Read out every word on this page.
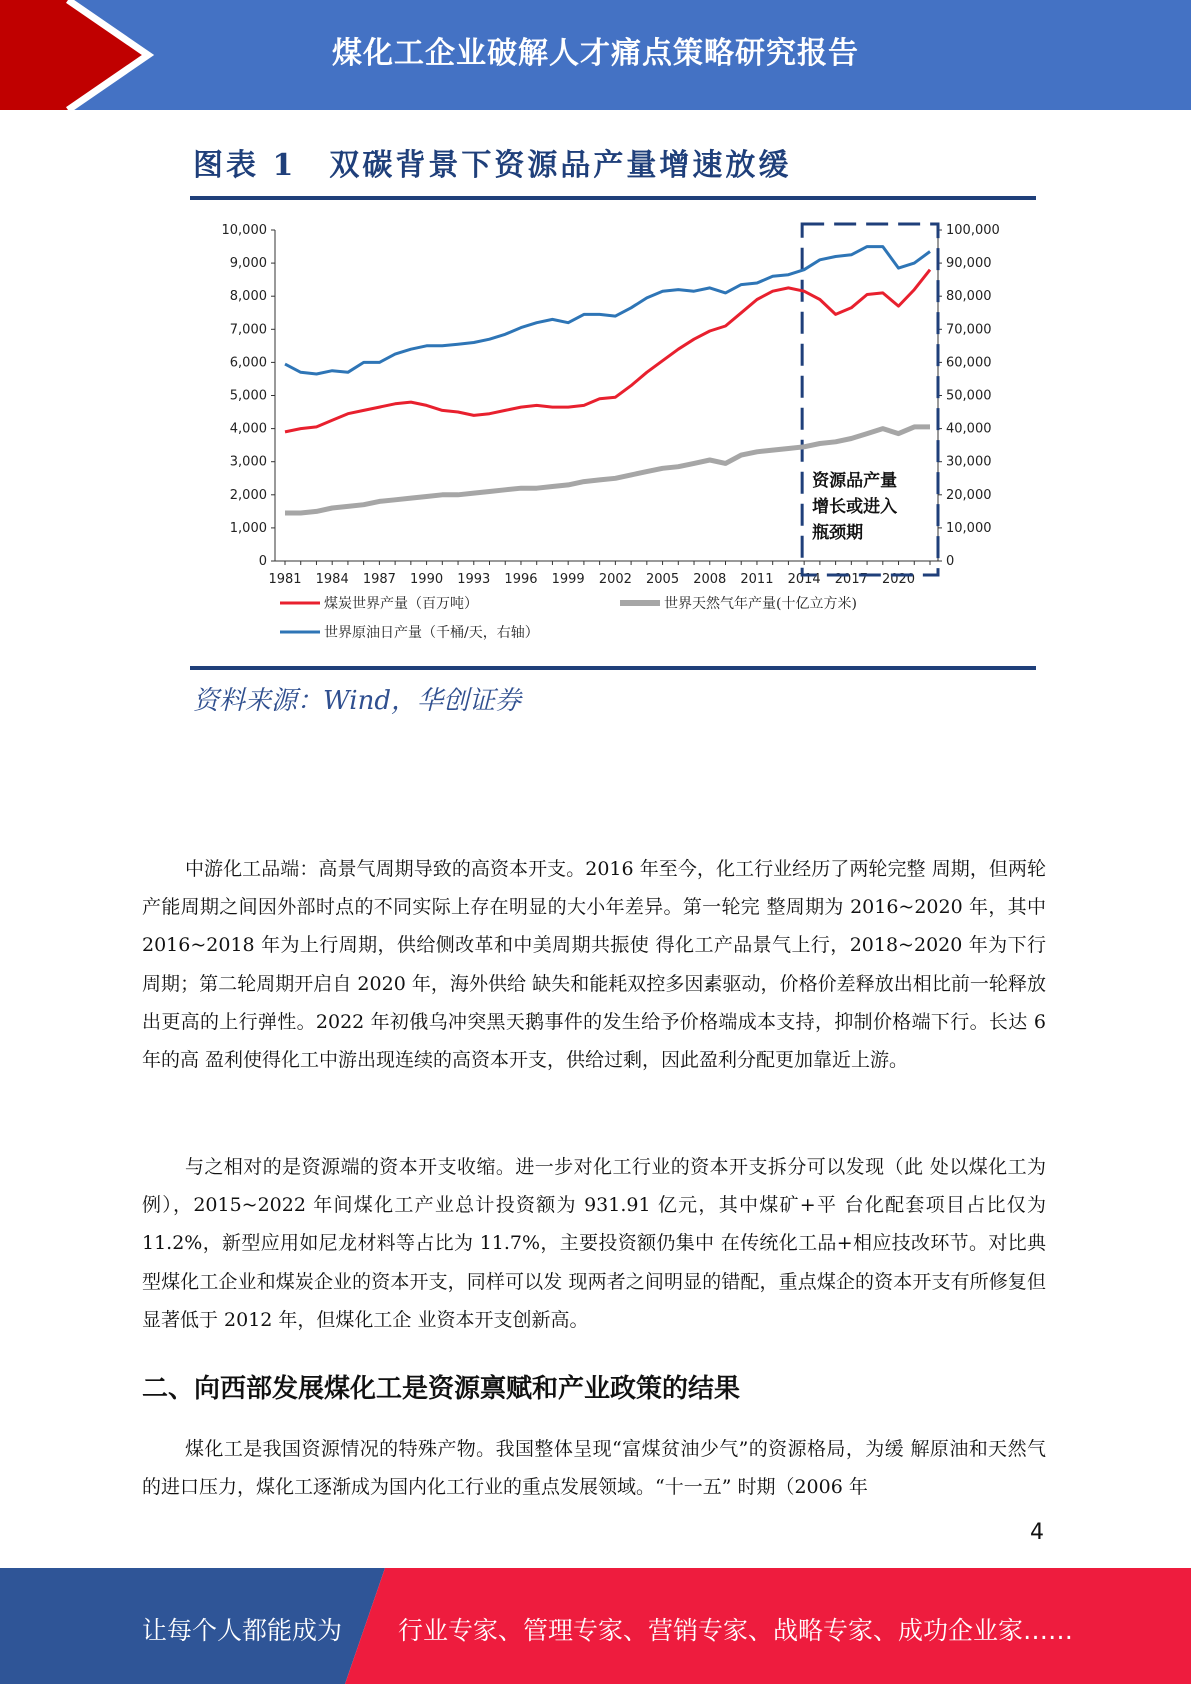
煤化工企业破解人才痛点策略研究报告
图表 1　双碳背景下资源品产量增速放缓
10,000
9,000
8,000
7,000
6,000
5,000
4,000
3,000
2,000
1,000
0
100,000
90,000
80,000
70,000
60,000
50,000
40,000
30,000
20,000
10,000
0
1981 1984 1987 1990 1993 1996 1999 2002 2005 2008 2011 2014 2017 2020
资源品产量
增长或进入
瓶颈期
煤炭世界产量（百万吨）	世界天然气年产量(十亿立方米)
世界原油日产量（千桶/天，右轴）
资料来源：Wind，华创证券

中游化工品端：高景气周期导致的高资本开支。2016 年至今，化工行业经历了两轮完整 周期，但两轮产能周期之间因外部时点的不同实际上存在明显的大小年差异。第一轮完 整周期为 2016~2020 年，其中 2016~2018 年为上行周期，供给侧改革和中美周期共振使 得化工产品景气上行，2018~2020 年为下行周期；第二轮周期开启自 2020 年，海外供给 缺失和能耗双控多因素驱动，价格价差释放出相比前一轮释放出更高的上行弹性。2022 年初俄乌冲突黑天鹅事件的发生给予价格端成本支持，抑制价格端下行。长达 6 年的高 盈利使得化工中游出现连续的高资本开支，供给过剩，因此盈利分配更加靠近上游。

与之相对的是资源端的资本开支收缩。进一步对化工行业的资本开支拆分可以发现（此 处以煤化工为例），2015~2022 年间煤化工产业总计投资额为 931.91 亿元，其中煤矿+平 台化配套项目占比仅为 11.2%，新型应用如尼龙材料等占比为 11.7%，主要投资额仍集中 在传统化工品+相应技改环节。对比典型煤化工企业和煤炭企业的资本开支，同样可以发 现两者之间明显的错配，重点煤企的资本开支有所修复但显著低于 2012 年，但煤化工企 业资本开支创新高。

二、向西部发展煤化工是资源禀赋和产业政策的结果

煤化工是我国资源情况的特殊产物。我国整体呈现“富煤贫油少气”的资源格局，为缓 解原油和天然气的进口压力，煤化工逐渐成为国内化工行业的重点发展领域。“十一五” 时期（2006 年

4
让每个人都能成为 行业专家、管理专家、营销专家、战略专家、成功企业家……
